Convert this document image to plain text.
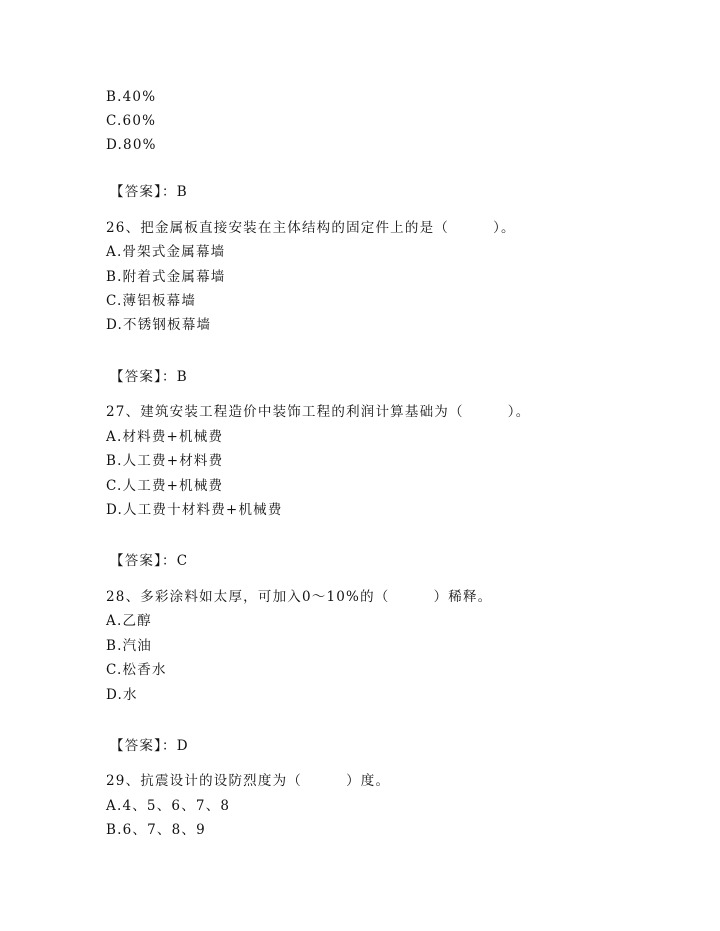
B.40%
C.60%
D.80%
【答案】：B
26、把金属板直接安装在主体结构的固定件上的是（　　　）。
A.骨架式金属幕墙
B.附着式金属幕墙
C.薄铝板幕墙
D.不锈钢板幕墙
【答案】：B
27、建筑安装工程造价中装饰工程的利润计算基础为（　　　）。
A.材料费+机械费
B.人工费+材料费
C.人工费+机械费
D.人工费十材料费+机械费
【答案】：C
28、多彩涂料如太厚，可加入0～10%的（　　　）稀释。
A.乙醇
B.汽油
C.松香水
D.水
【答案】：D
29、抗震设计的设防烈度为（　　　）度。
A.4、5、6、7、8
B.6、7、8、9
